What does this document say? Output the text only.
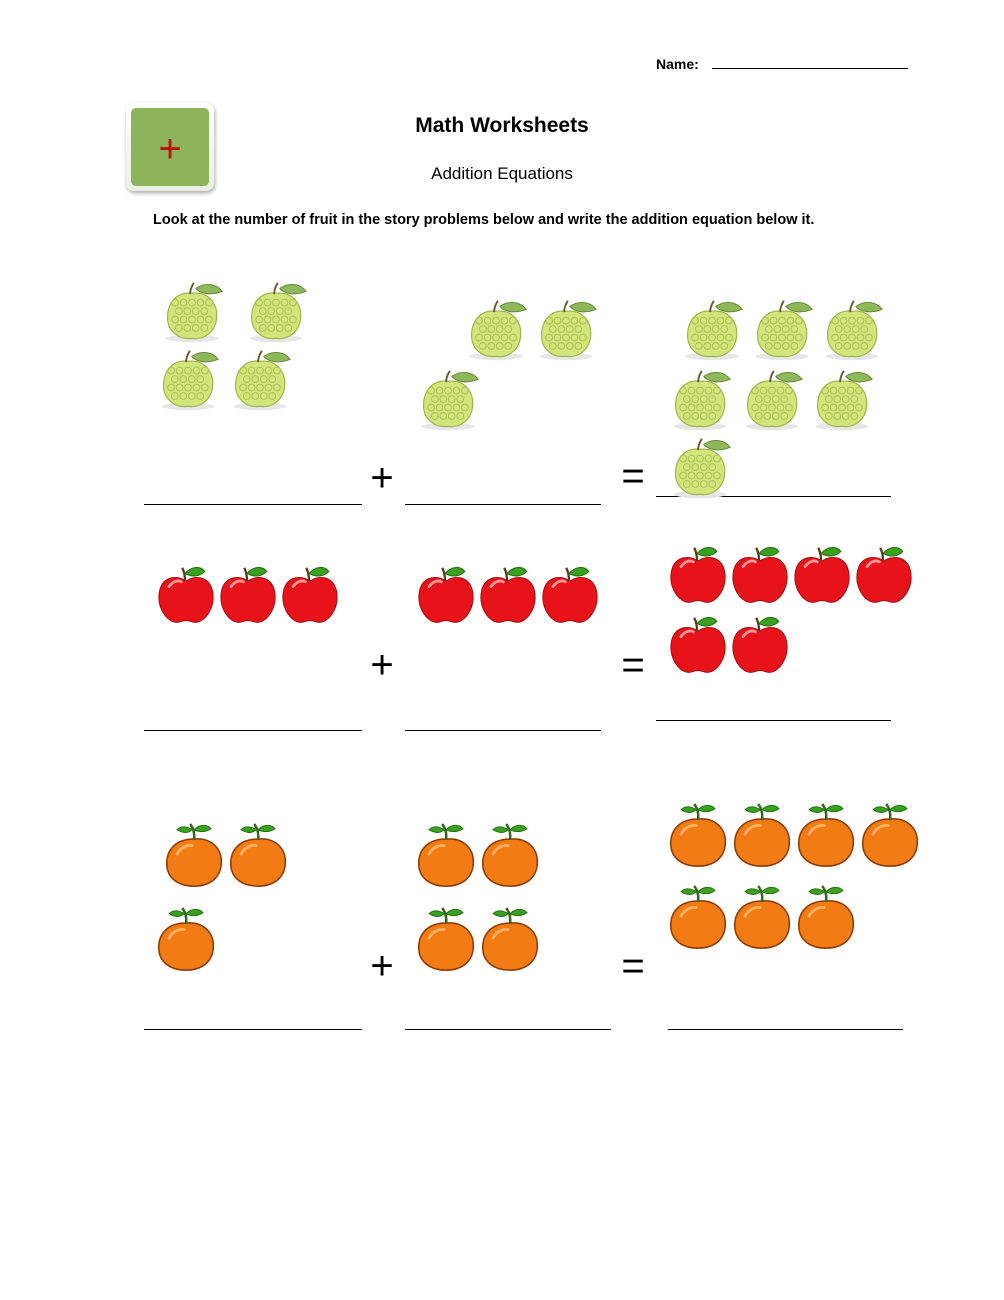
Name:
+
Math Worksheets
Addition Equations
Look at the number of fruit in the story problems below and write the addition equation below it.
+	=
+	=
+	=
